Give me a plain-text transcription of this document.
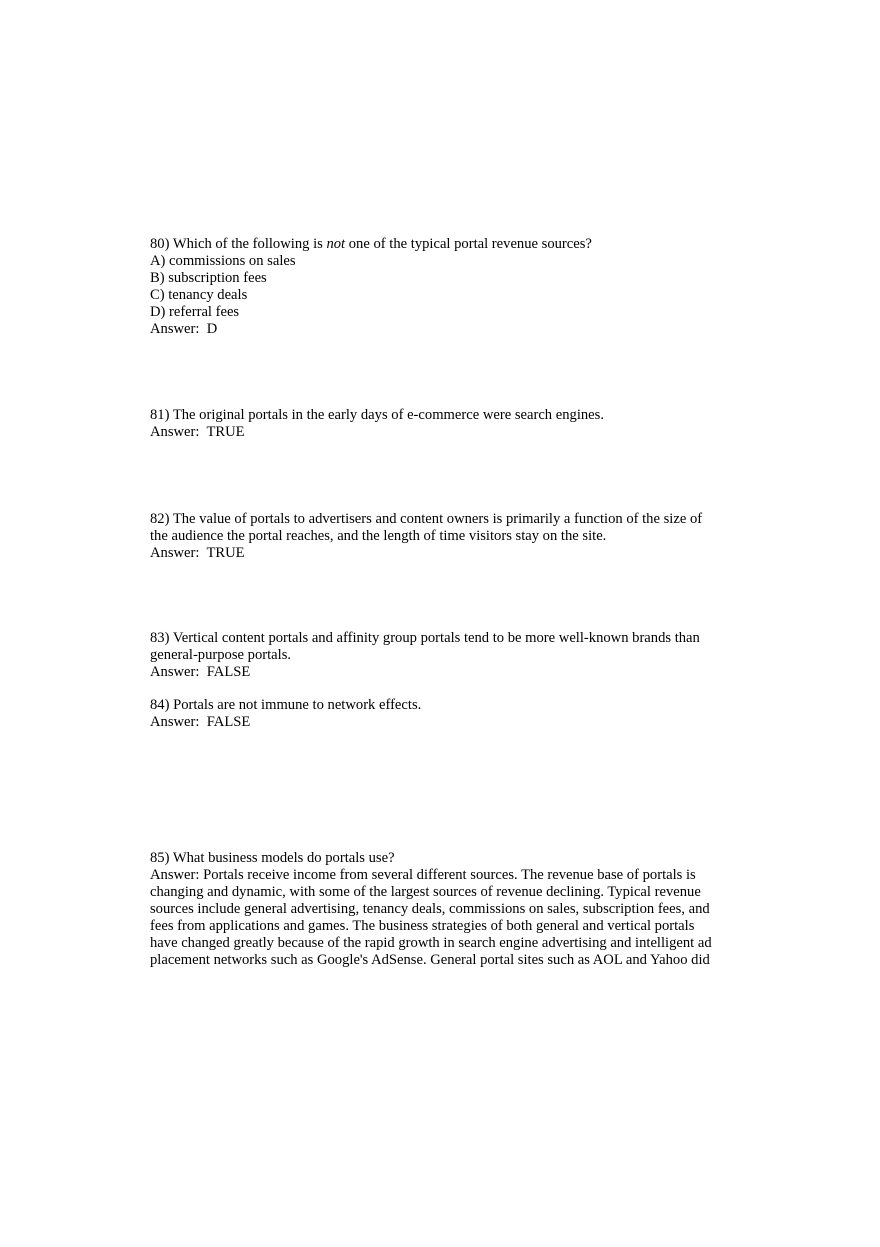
80) Which of the following is not one of the typical portal revenue sources?
A) commissions on sales
B) subscription fees
C) tenancy deals
D) referral fees
Answer:  D
81) The original portals in the early days of e-commerce were search engines.
Answer:  TRUE
82) The value of portals to advertisers and content owners is primarily a function of the size of
the audience the portal reaches, and the length of time visitors stay on the site.
Answer:  TRUE
83) Vertical content portals and affinity group portals tend to be more well-known brands than
general-purpose portals.
Answer:  FALSE
84) Portals are not immune to network effects.
Answer:  FALSE
85) What business models do portals use?
Answer: Portals receive income from several different sources. The revenue base of portals is
changing and dynamic, with some of the largest sources of revenue declining. Typical revenue
sources include general advertising, tenancy deals, commissions on sales, subscription fees, and
fees from applications and games. The business strategies of both general and vertical portals
have changed greatly because of the rapid growth in search engine advertising and intelligent ad
placement networks such as Google's AdSense. General portal sites such as AOL and Yahoo did
